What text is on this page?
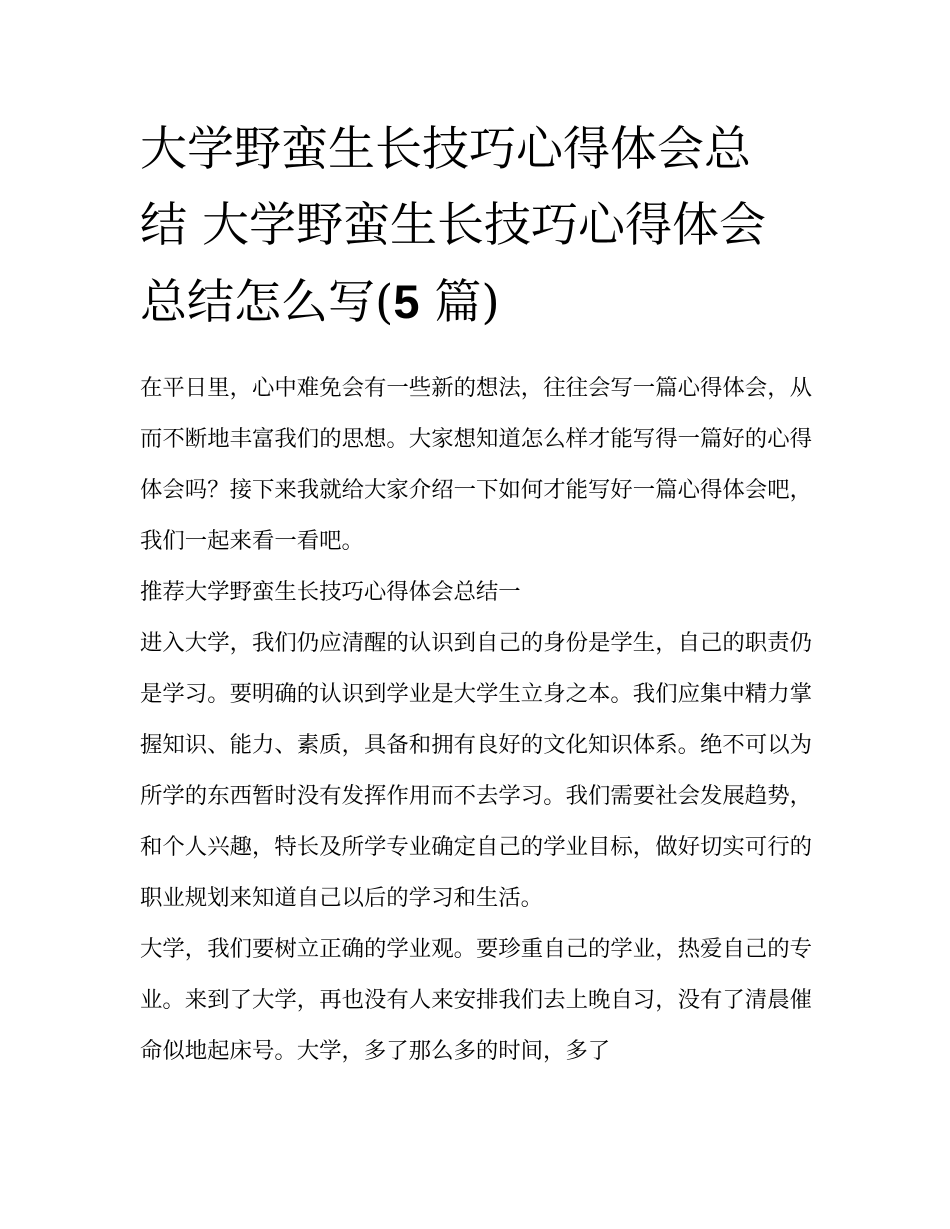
大学野蛮生长技巧心得体会总
结 大学野蛮生长技巧心得体会
总结怎么写(5 篇)

在平日里，心中难免会有一些新的想法，往往会写一篇心得体会，从而不断地丰富我们的思想。大家想知道怎么样才能写得一篇好的心得体会吗？接下来我就给大家介绍一下如何才能写好一篇心得体会吧，我们一起来看一看吧。

推荐大学野蛮生长技巧心得体会总结一

进入大学，我们仍应清醒的认识到自己的身份是学生，自己的职责仍是学习。要明确的认识到学业是大学生立身之本。我们应集中精力掌握知识、能力、素质，具备和拥有良好的文化知识体系。绝不可以为所学的东西暂时没有发挥作用而不去学习。我们需要社会发展趋势，和个人兴趣，特长及所学专业确定自己的学业目标，做好切实可行的职业规划来知道自己以后的学习和生活。

大学，我们要树立正确的学业观。要珍重自己的学业，热爱自己的专业。来到了大学，再也没有人来安排我们去上晚自习，没有了清晨催命似地起床号。大学，多了那么多的时间，多了
